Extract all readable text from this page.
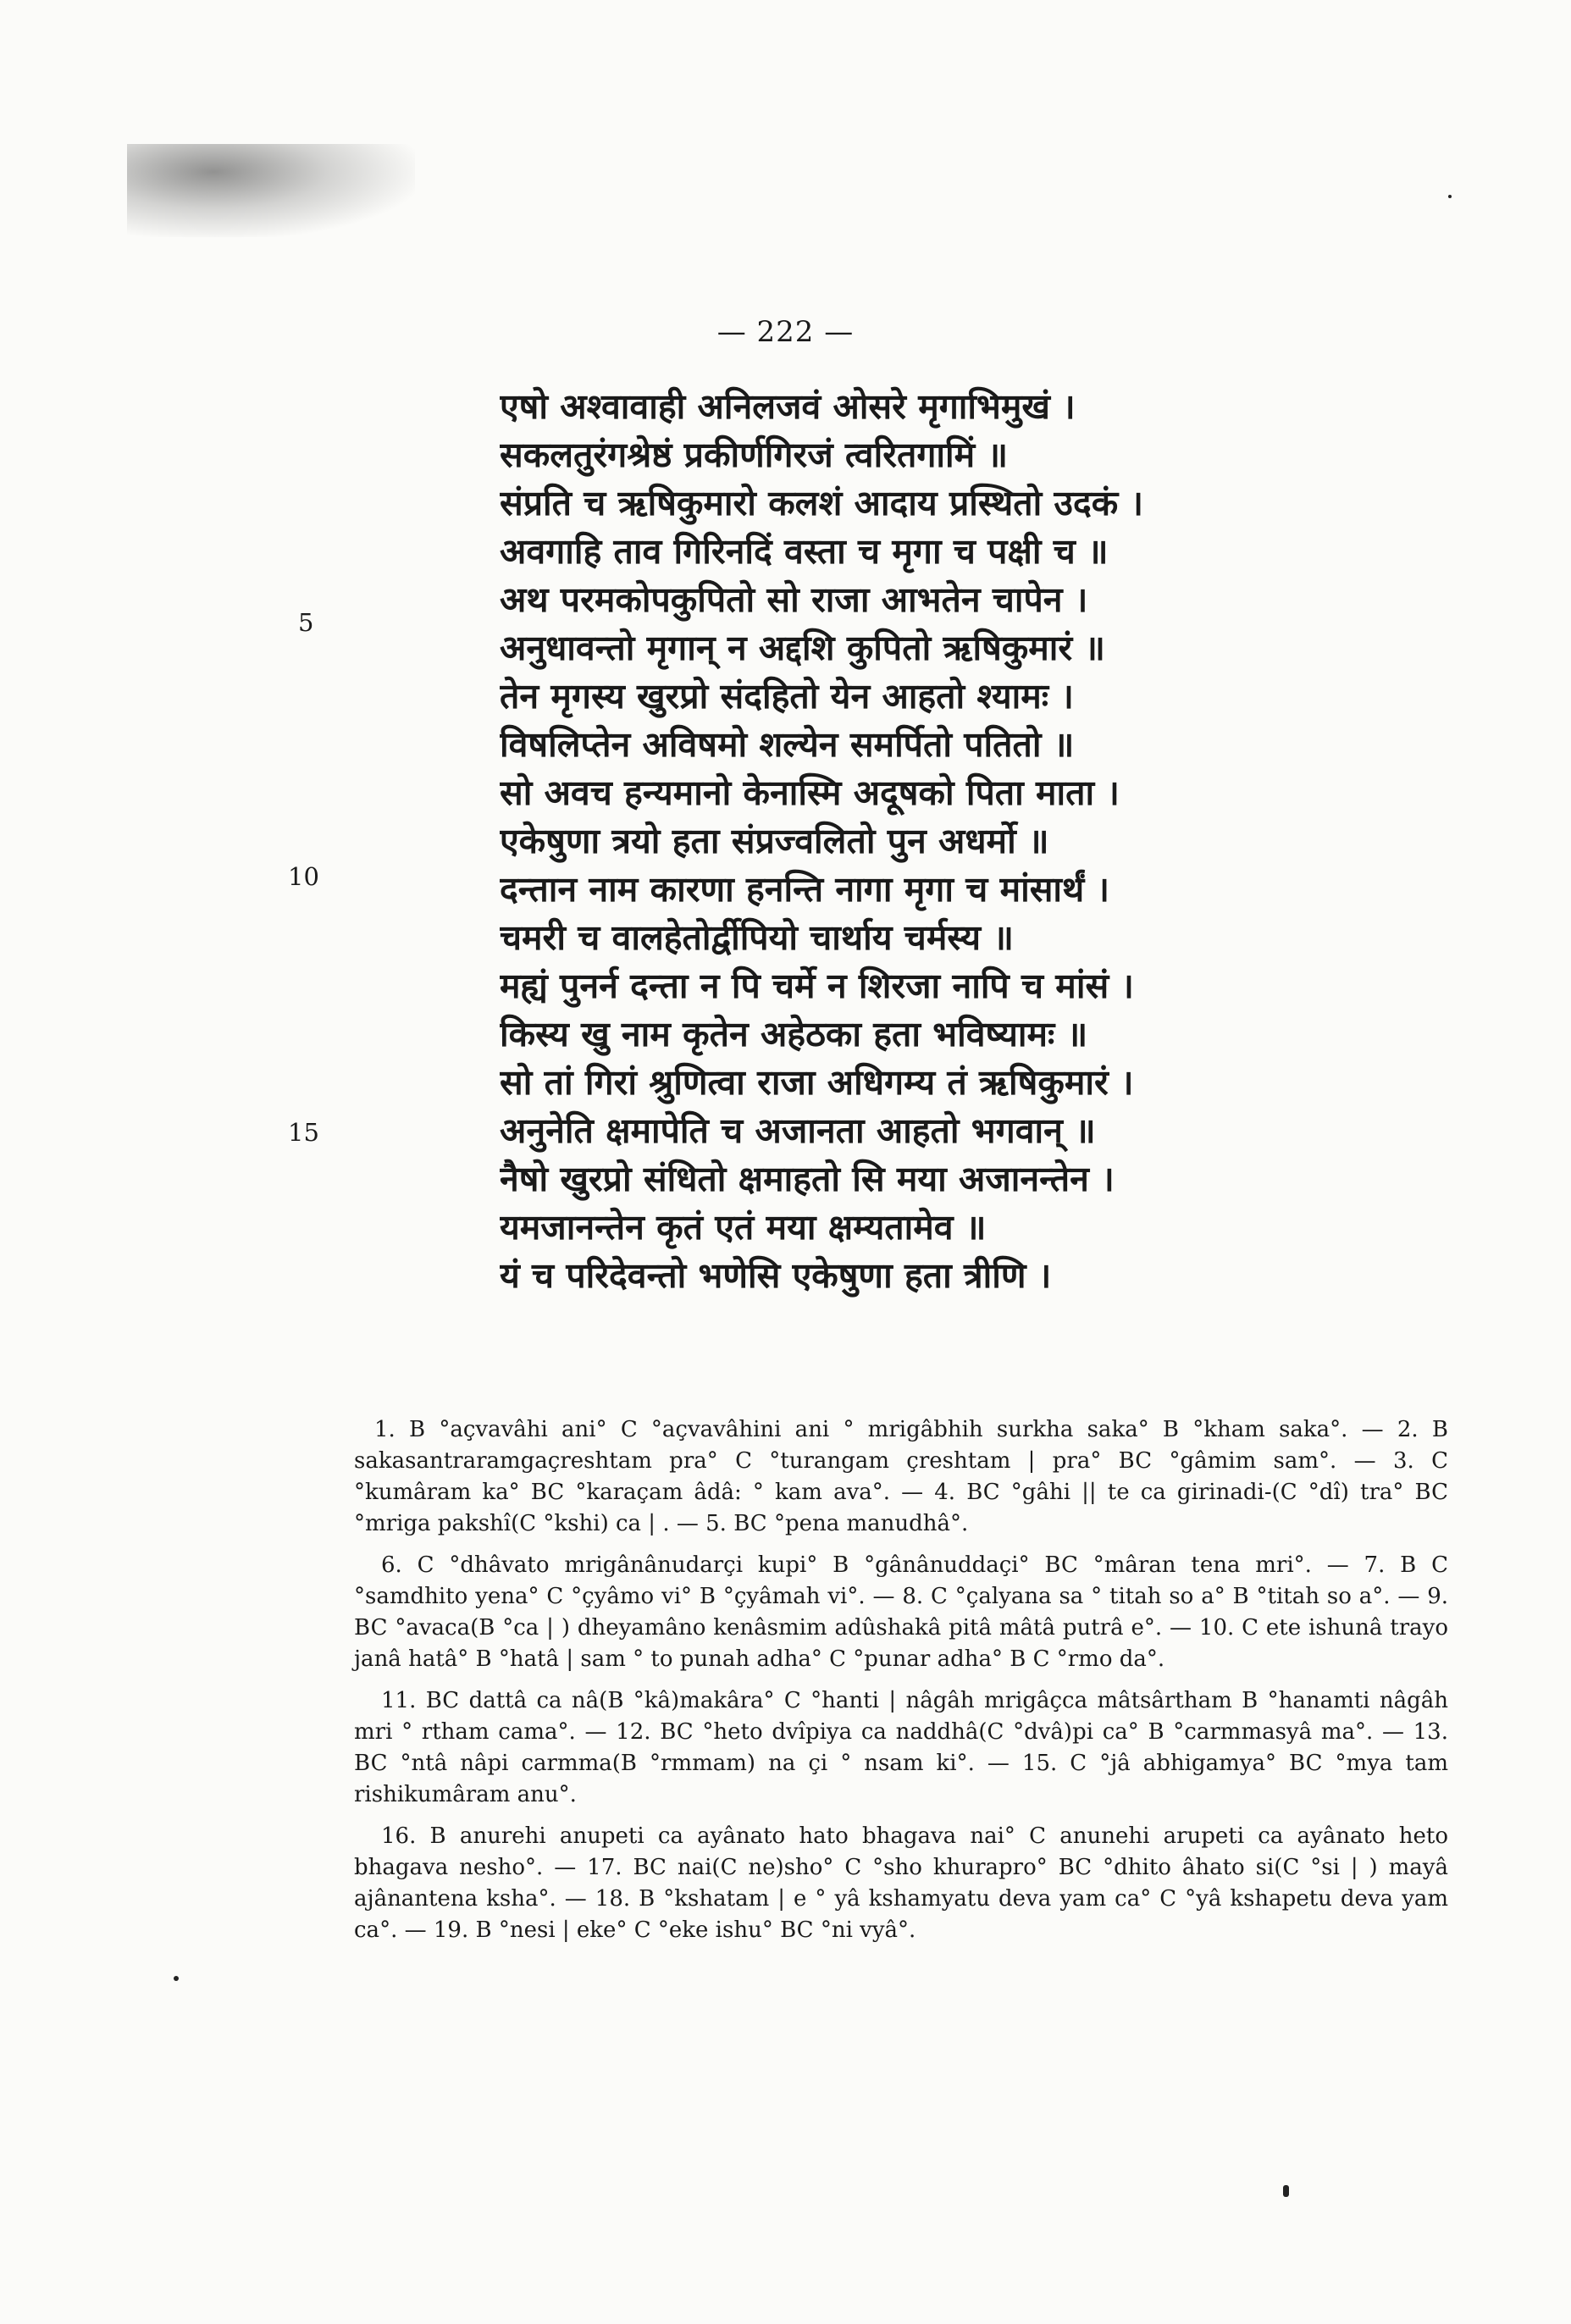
— 222 —
एषो अश्वावाही अनिलजवं ओसरे मृगाभिमुखं ।
सकलतुरंगश्रेष्ठं प्रकीर्णगिरजं त्वरितगामिं ॥
संप्रति च ऋषिकुमारो कलशं आदाय प्रस्थितो उदकं ।
अवगाहि ताव गिरिनदिं वस्ता च मृगा च पक्षी च ॥
अथ परमकोपकुपितो सो राजा आभतेन चापेन ।
अनुधावन्तो मृगान् न अद्दशि कुपितो ऋषिकुमारं ॥
तेन मृगस्य खुरप्रो संदहितो येन आहतो श्यामः ।
विषलिप्तेन अविषमो शल्येन समर्पितो पतितो ॥
सो अवच हन्यमानो केनास्मि अदूषको पिता माता ।
एकेषुणा त्रयो हता संप्रज्वलितो पुन अधर्मो ॥
दन्तान नाम कारणा हनन्ति नागा मृगा च मांसार्थं ।
चमरी च वालहेतोर्द्वीपियो चार्थाय चर्मस्य ॥
मह्यं पुनर्न दन्ता न पि चर्मे न शिरजा नापि च मांसं ।
किस्य खु नाम कृतेन अहेठका हता भविष्यामः ॥
सो तां गिरां श्रुणित्वा राजा अधिगम्य तं ऋषिकुमारं ।
अनुनेति क्षमापेति च अजानता आहतो भगवान् ॥
नैषो खुरप्रो संधितो क्षमाहतो सि मया अजानन्तेन ।
यमजानन्तेन कृतं एतं मया क्षम्यतामेव ॥
यं च परिदेवन्तो भणेसि एकेषुणा हता त्रीणि ।
5
10
15

1. B °açvavâhi ani° C °açvavâhini ani ° mrigâbhih surkha saka° B °kham saka°. — 2. B sakasantraramgaçreshtam pra° C °turangam çreshtam | pra° BC °gâmim sam°. — 3. C °kumâram ka° BC °karaçam âdâ: ° kam ava°. — 4. BC °gâhi || te ca girinadi-(C °dî) tra° BC °mriga pakshî(C °kshi) ca | . — 5. BC °pena manudhâ°.

6. C °dhâvato mrigânânudarçi kupi° B °gânânuddaçi° BC °mâran tena mri°. — 7. B C °samdhito yena° C °çyâmo vi° B °çyâmah vi°. — 8. C °çalyana sa ° titah so a° B °titah so a°. — 9. BC °avaca(B °ca | ) dheyamâno kenâsmim adûshakâ pitâ mâtâ putrâ e°. — 10. C ete ishunâ trayo janâ hatâ° B °hatâ | sam ° to punah adha° C °punar adha° B C °rmo da°.

11. BC dattâ ca nâ(B °kâ)makâra° C °hanti | nâgâh mrigâçca mâtsârtham B °hanamti nâgâh mri ° rtham cama°. — 12. BC °heto dvîpiya ca naddhâ(C °dvâ)pi ca° B °carmmasyâ ma°. — 13. BC °ntâ nâpi carmma(B °rmmam) na çi ° nsam ki°. — 15. C °jâ abhigamya° BC °mya tam rishikumâram anu°.

16. B anurehi anupeti ca ayânato hato bhagava nai° C anunehi arupeti ca ayânato heto bhagava nesho°. — 17. BC nai(C ne)sho° C °sho khurapro° BC °dhito âhato si(C °si | ) mayâ ajânantena ksha°. — 18. B °kshatam | e ° yâ kshamyatu deva yam ca° C °yâ kshapetu deva yam ca°. — 19. B °nesi | eke° C °eke ishu° BC °ni vyâ°.
